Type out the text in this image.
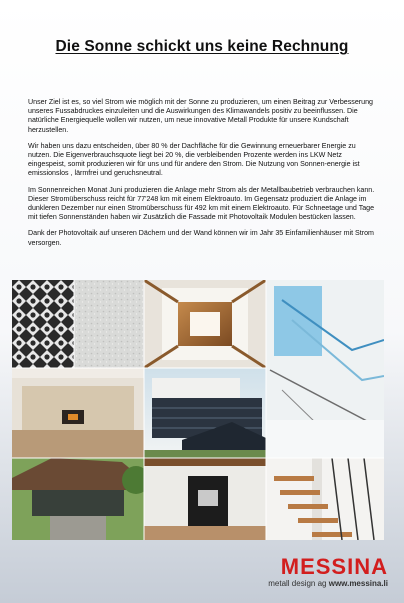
Die Sonne schickt uns keine Rechnung

Unser Ziel ist es, so viel Strom wie möglich mit der Sonne zu produzieren, um einen Beitrag zur Verbesserung unseres Fussabdruckes einzuleiten und die Auswirkungen des Klimawandels positiv zu beeinflussen. Die natürliche Energiequelle wollen wir nutzen, um neue innovative Metall Produkte für unsere Kundschaft herzustellen.

Wir haben uns dazu entscheiden, über 80 % der Dachfläche für die Gewinnung erneuerbarer Energie zu nutzen. Die Eigenverbrauchsquote liegt bei 20 %, die verbleibenden Prozente werden ins LKW Netz eingespeist, somit produzieren wir für uns und für andere den Strom. Die Nutzung von Sonnen-energie ist emissionslos , lärmfrei und geruchsneutral.

Im Sonnenreichen Monat Juni produzieren die Anlage mehr Strom als der Metallbaubetrieb verbrauchen kann. Dieser Stromüberschuss reicht für 77'248 km mit einem Elektroauto. Im Gegensatz produziert die Anlage im dunkleren Dezember nur einen Stromüberschuss für 492 km mit einem Elektroauto. Für Schneetage und Tage mit tiefen Sonnenständen haben wir Zusätzlich die Fassade mit Photovoltaik Modulen bestücken lassen.

Dank der Photovoltaik auf unseren Dächern und der Wand können wir im Jahr 35 Einfamilienhäuser mit Strom versorgen.

MESSINA
metall design ag www.messina.li
